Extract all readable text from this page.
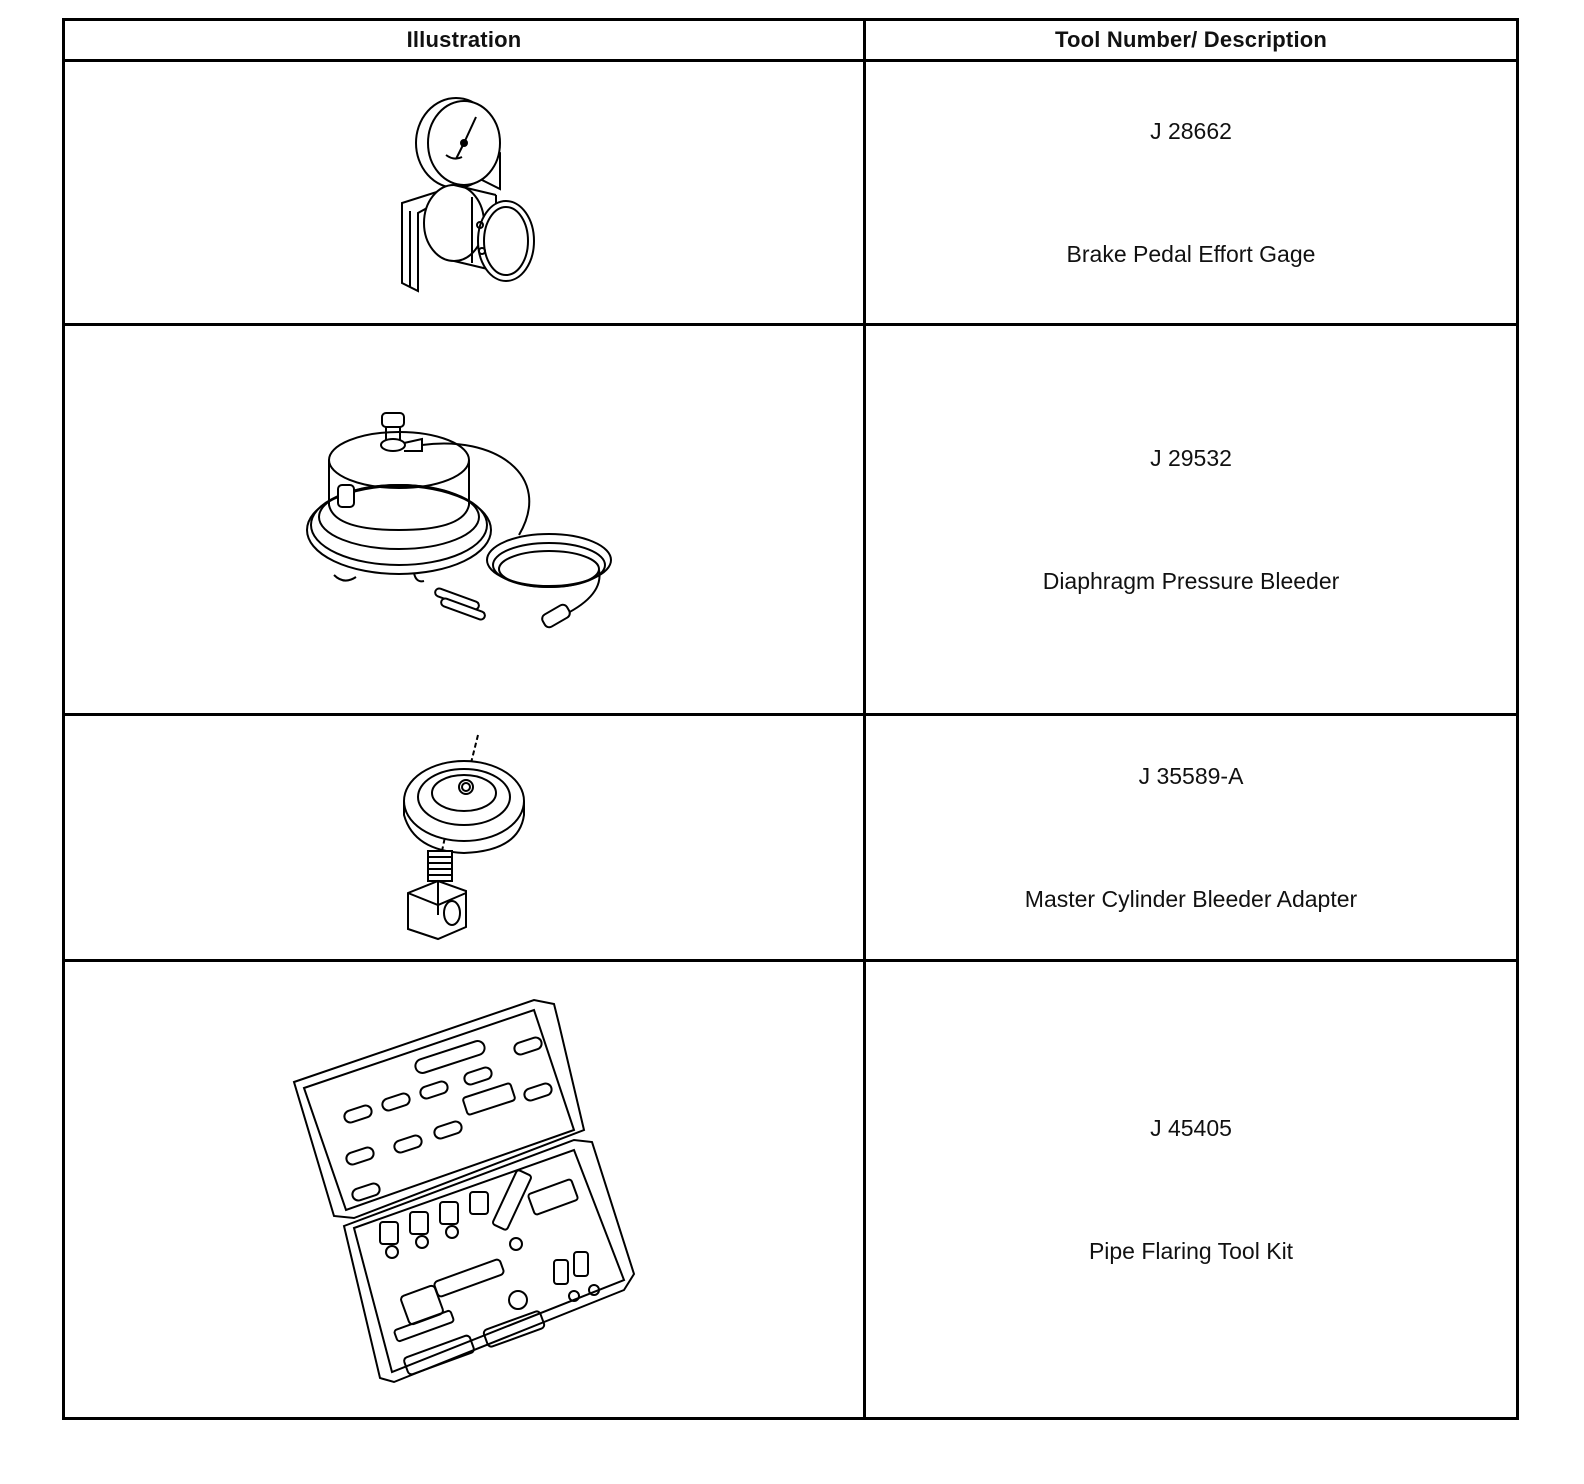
Illustration	Tool Number/ Description

J 28662
Brake Pedal Effort Gage

J 29532
Diaphragm Pressure Bleeder

J 35589-A
Master Cylinder Bleeder Adapter

J 45405
Pipe Flaring Tool Kit
